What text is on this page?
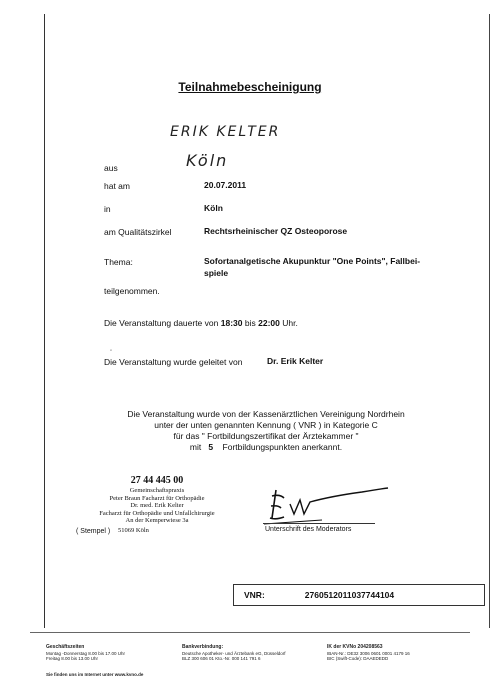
Teilnahmebescheinigung
ERIK KELTER
aus	Köln
hat am	20.07.2011
in	Köln
am Qualitätszirkel	Rechtsrheinischer QZ Osteoporose
Thema:	Sofortanalgetische Akupunktur "One Points", Fallbei-
spiele
teilgenommen.
Die Veranstaltung dauerte von 18:30 bis 22:00 Uhr.
◦
Die Veranstaltung wurde geleitet von	Dr. Erik Kelter
Die Veranstaltung wurde von der Kassenärztlichen Vereinigung Nordrhein
unter der unten genannten Kennung ( VNR ) in Kategorie C
für das " Fortbildungszertifikat der Ärztekammer "
mit 5 Fortbildungspunkten anerkannt.
27 44 445 00
Gemeinschaftspraxis
Peter Braun Facharzt für Orthopädie
Dr. med. Erik Kelter
Facharzt für Orthopädie und Unfallchirurgie
An der Kemperwiese 3a
( Stempel ) 51069 Köln	Unterschrift des Moderators
VNR:	2760512011037744104
Geschäftszeiten
Montag -Donnerstag 8.00 bis 17.00 Uhr
Freitag 8.00 bis 13.00 Uhr
Bankverbindung:
Deutsche Apotheker- und Ärztebank eG, Düsseldorf
BLZ 300 606 01 Kto.-Nr. 000 141 791 6
IK der KVNo 204208563
IBAN-Nr.: DE32 3006 0601 0001 4179 16
BIC (Swift-Code): DAAEDEDD
Sie finden uns im Internet unter www.kvno.de
